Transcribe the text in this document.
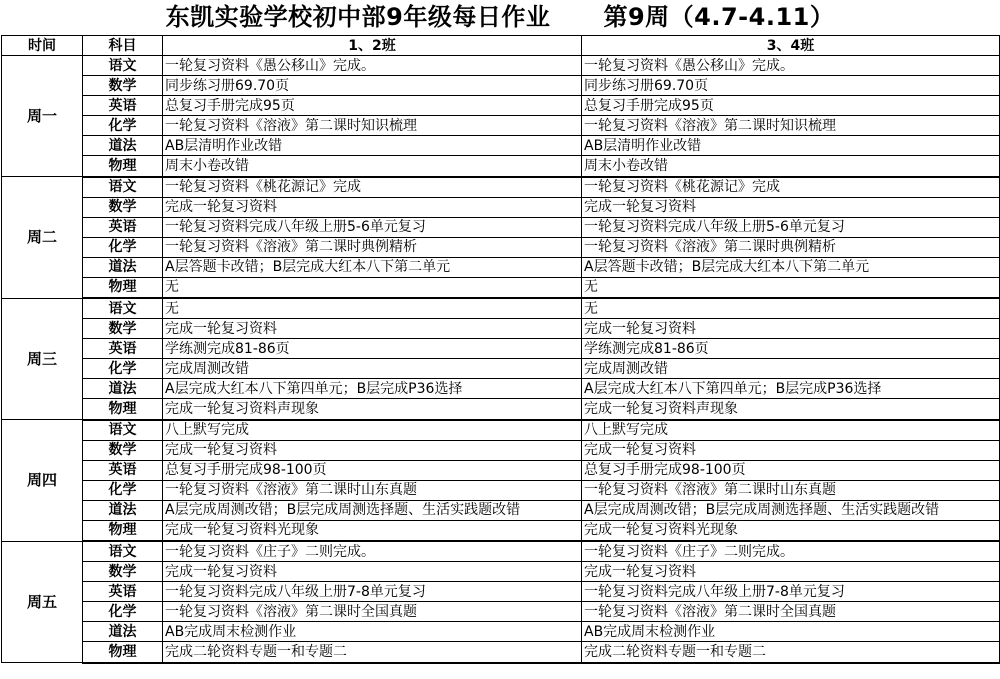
东凯实验学校初中部9年级每日作业      第9周（4.7-4.11）
时间	科目	1、2班	3、4班
周一	语文	一轮复习资料《愚公移山》完成。	一轮复习资料《愚公移山》完成。
	数学	同步练习册69.70页	同步练习册69.70页
	英语	总复习手册完成95页	总复习手册完成95页
	化学	一轮复习资料《溶液》第二课时知识梳理	一轮复习资料《溶液》第二课时知识梳理
	道法	AB层清明作业改错	AB层清明作业改错
	物理	周末小卷改错	周末小卷改错
周二	语文	一轮复习资料《桃花源记》完成	一轮复习资料《桃花源记》完成
	数学	完成一轮复习资料	完成一轮复习资料
	英语	一轮复习资料完成八年级上册5-6单元复习	一轮复习资料完成八年级上册5-6单元复习
	化学	一轮复习资料《溶液》第二课时典例精析	一轮复习资料《溶液》第二课时典例精析
	道法	A层答题卡改错；B层完成大红本八下第二单元	A层答题卡改错；B层完成大红本八下第二单元
	物理	无	无
周三	语文	无	无
	数学	完成一轮复习资料	完成一轮复习资料
	英语	学练测完成81-86页	学练测完成81-86页
	化学	完成周测改错	完成周测改错
	道法	A层完成大红本八下第四单元；B层完成P36选择	A层完成大红本八下第四单元；B层完成P36选择
	物理	完成一轮复习资料声现象	完成一轮复习资料声现象
周四	语文	八上默写完成	八上默写完成
	数学	完成一轮复习资料	完成一轮复习资料
	英语	总复习手册完成98-100页	总复习手册完成98-100页
	化学	一轮复习资料《溶液》第二课时山东真题	一轮复习资料《溶液》第二课时山东真题
	道法	A层完成周测改错；B层完成周测选择题、生活实践题改错	A层完成周测改错；B层完成周测选择题、生活实践题改错
	物理	完成一轮复习资料光现象	完成一轮复习资料光现象
周五	语文	一轮复习资料《庄子》二则完成。	一轮复习资料《庄子》二则完成。
	数学	完成一轮复习资料	完成一轮复习资料
	英语	一轮复习资料完成八年级上册7-8单元复习	一轮复习资料完成八年级上册7-8单元复习
	化学	一轮复习资料《溶液》第二课时全国真题	一轮复习资料《溶液》第二课时全国真题
	道法	AB完成周末检测作业	AB完成周末检测作业
	物理	完成二轮资料专题一和专题二	完成二轮资料专题一和专题二
